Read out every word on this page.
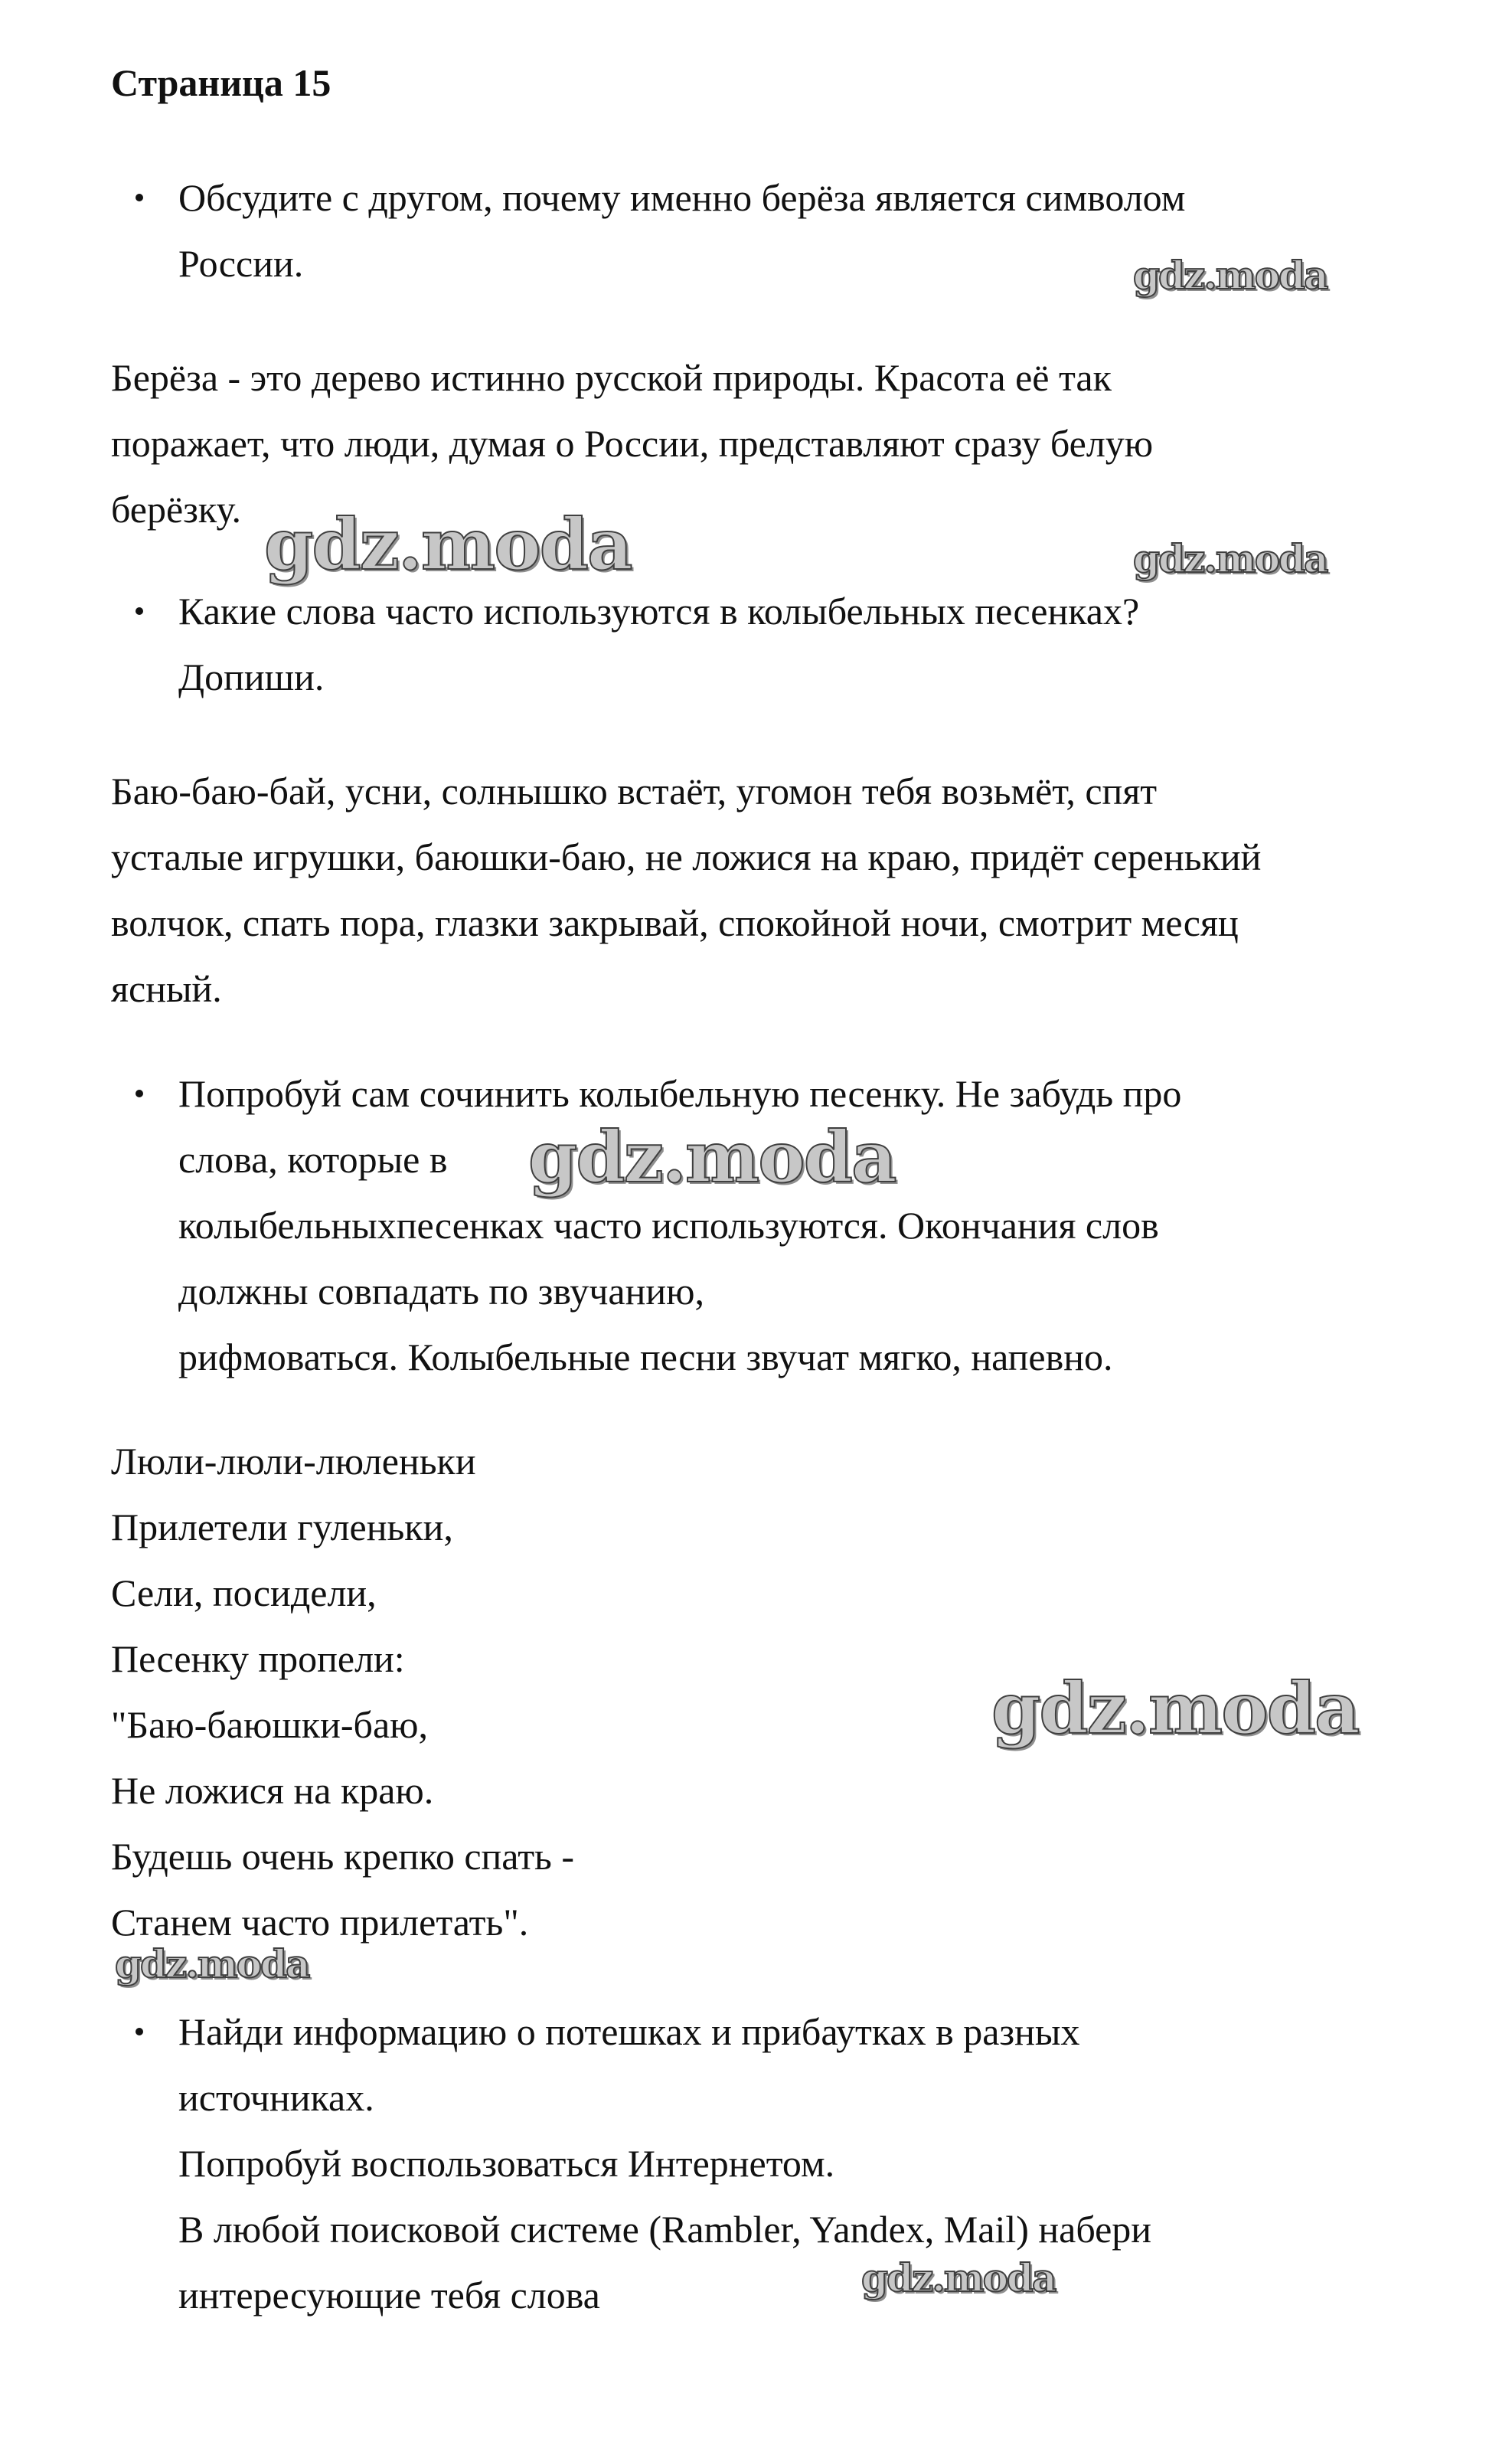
Страница 15
Обсудите с другом, почему именно берёза является символом
России.
Берёза - это дерево истинно русской природы. Красота её так
поражает, что люди, думая о России, представляют сразу белую
берёзку.
Какие слова часто используются в колыбельных песенках?
Допиши.
Баю-баю-бай, усни, солнышко встаёт, угомон тебя возьмёт, спят
усталые игрушки, баюшки-баю, не ложися на краю, придёт серенький
волчок, спать пора, глазки закрывай, спокойной ночи, смотрит месяц
ясный.
Попробуй сам сочинить колыбельную песенку. Не забудь про
слова, которые в
колыбельныхпесенках часто используются. Окончания слов
должны совпадать по звучанию,
рифмоваться. Колыбельные песни звучат мягко, напевно.
Люли-люли-люленьки
Прилетели гуленьки,
Сели, посидели,
Песенку пропели:
"Баю-баюшки-баю,
Не ложися на краю.
Будешь очень крепко спать -
Станем часто прилетать".
Найди информацию о потешках и прибаутках в разных
источниках.
Попробуй воспользоваться Интернетом.
В любой поисковой системе (Rambler, Yandex, Mail) набери
интересующие тебя слова
gdz.moda
gdz.moda	gdz.moda
gdz.moda
gdz.moda
gdz.moda
gdz.moda
